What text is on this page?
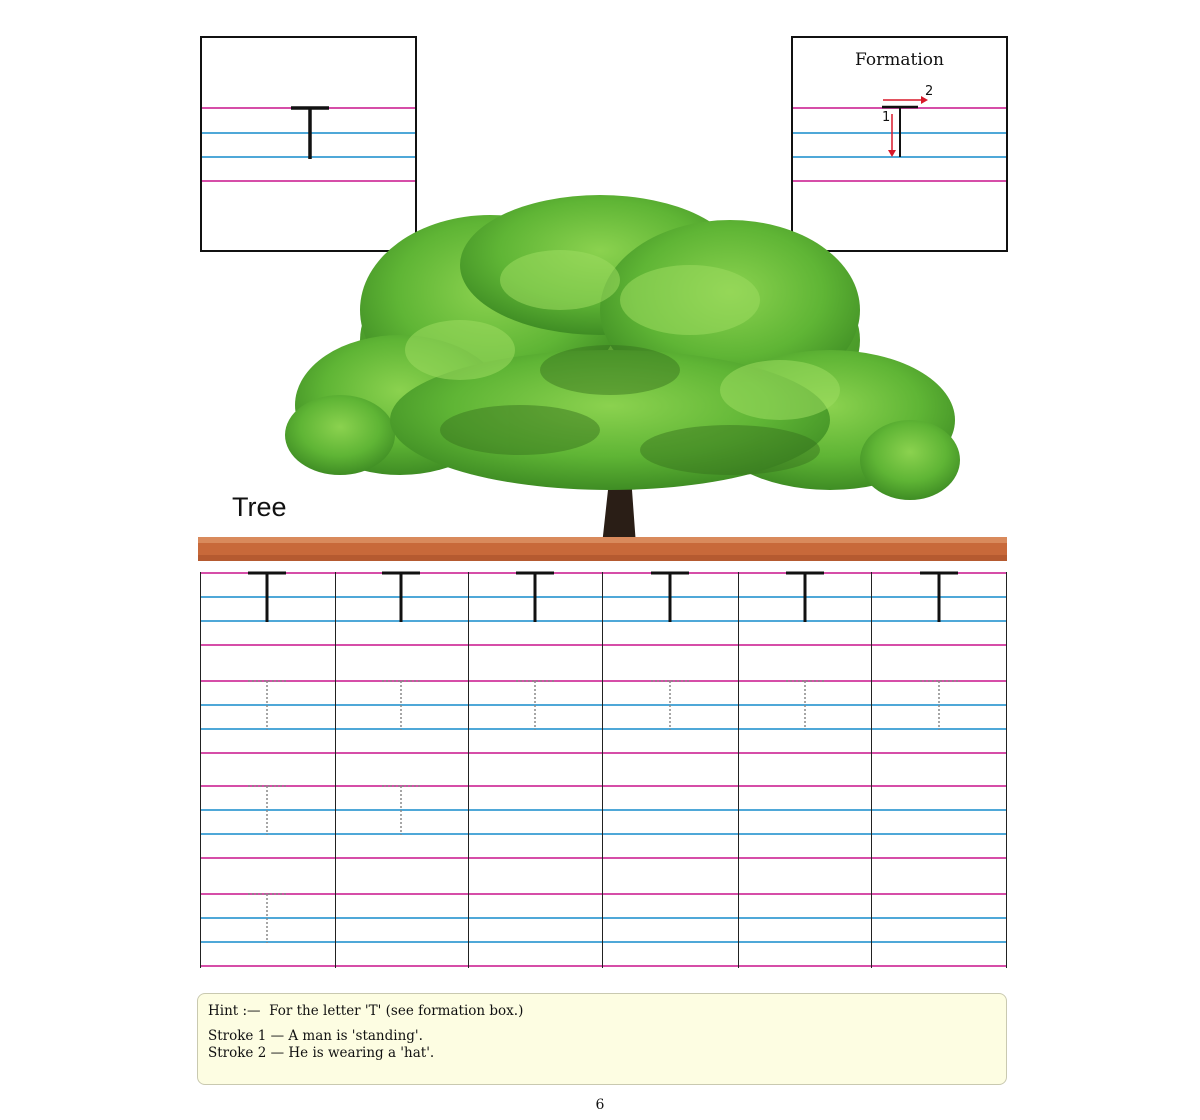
Formation
2
1
Tree
Hint :—  For the letter 'T' (see formation box.)
Stroke 1 — A man is 'standing'.
Stroke 2 — He is wearing a 'hat'.
6
